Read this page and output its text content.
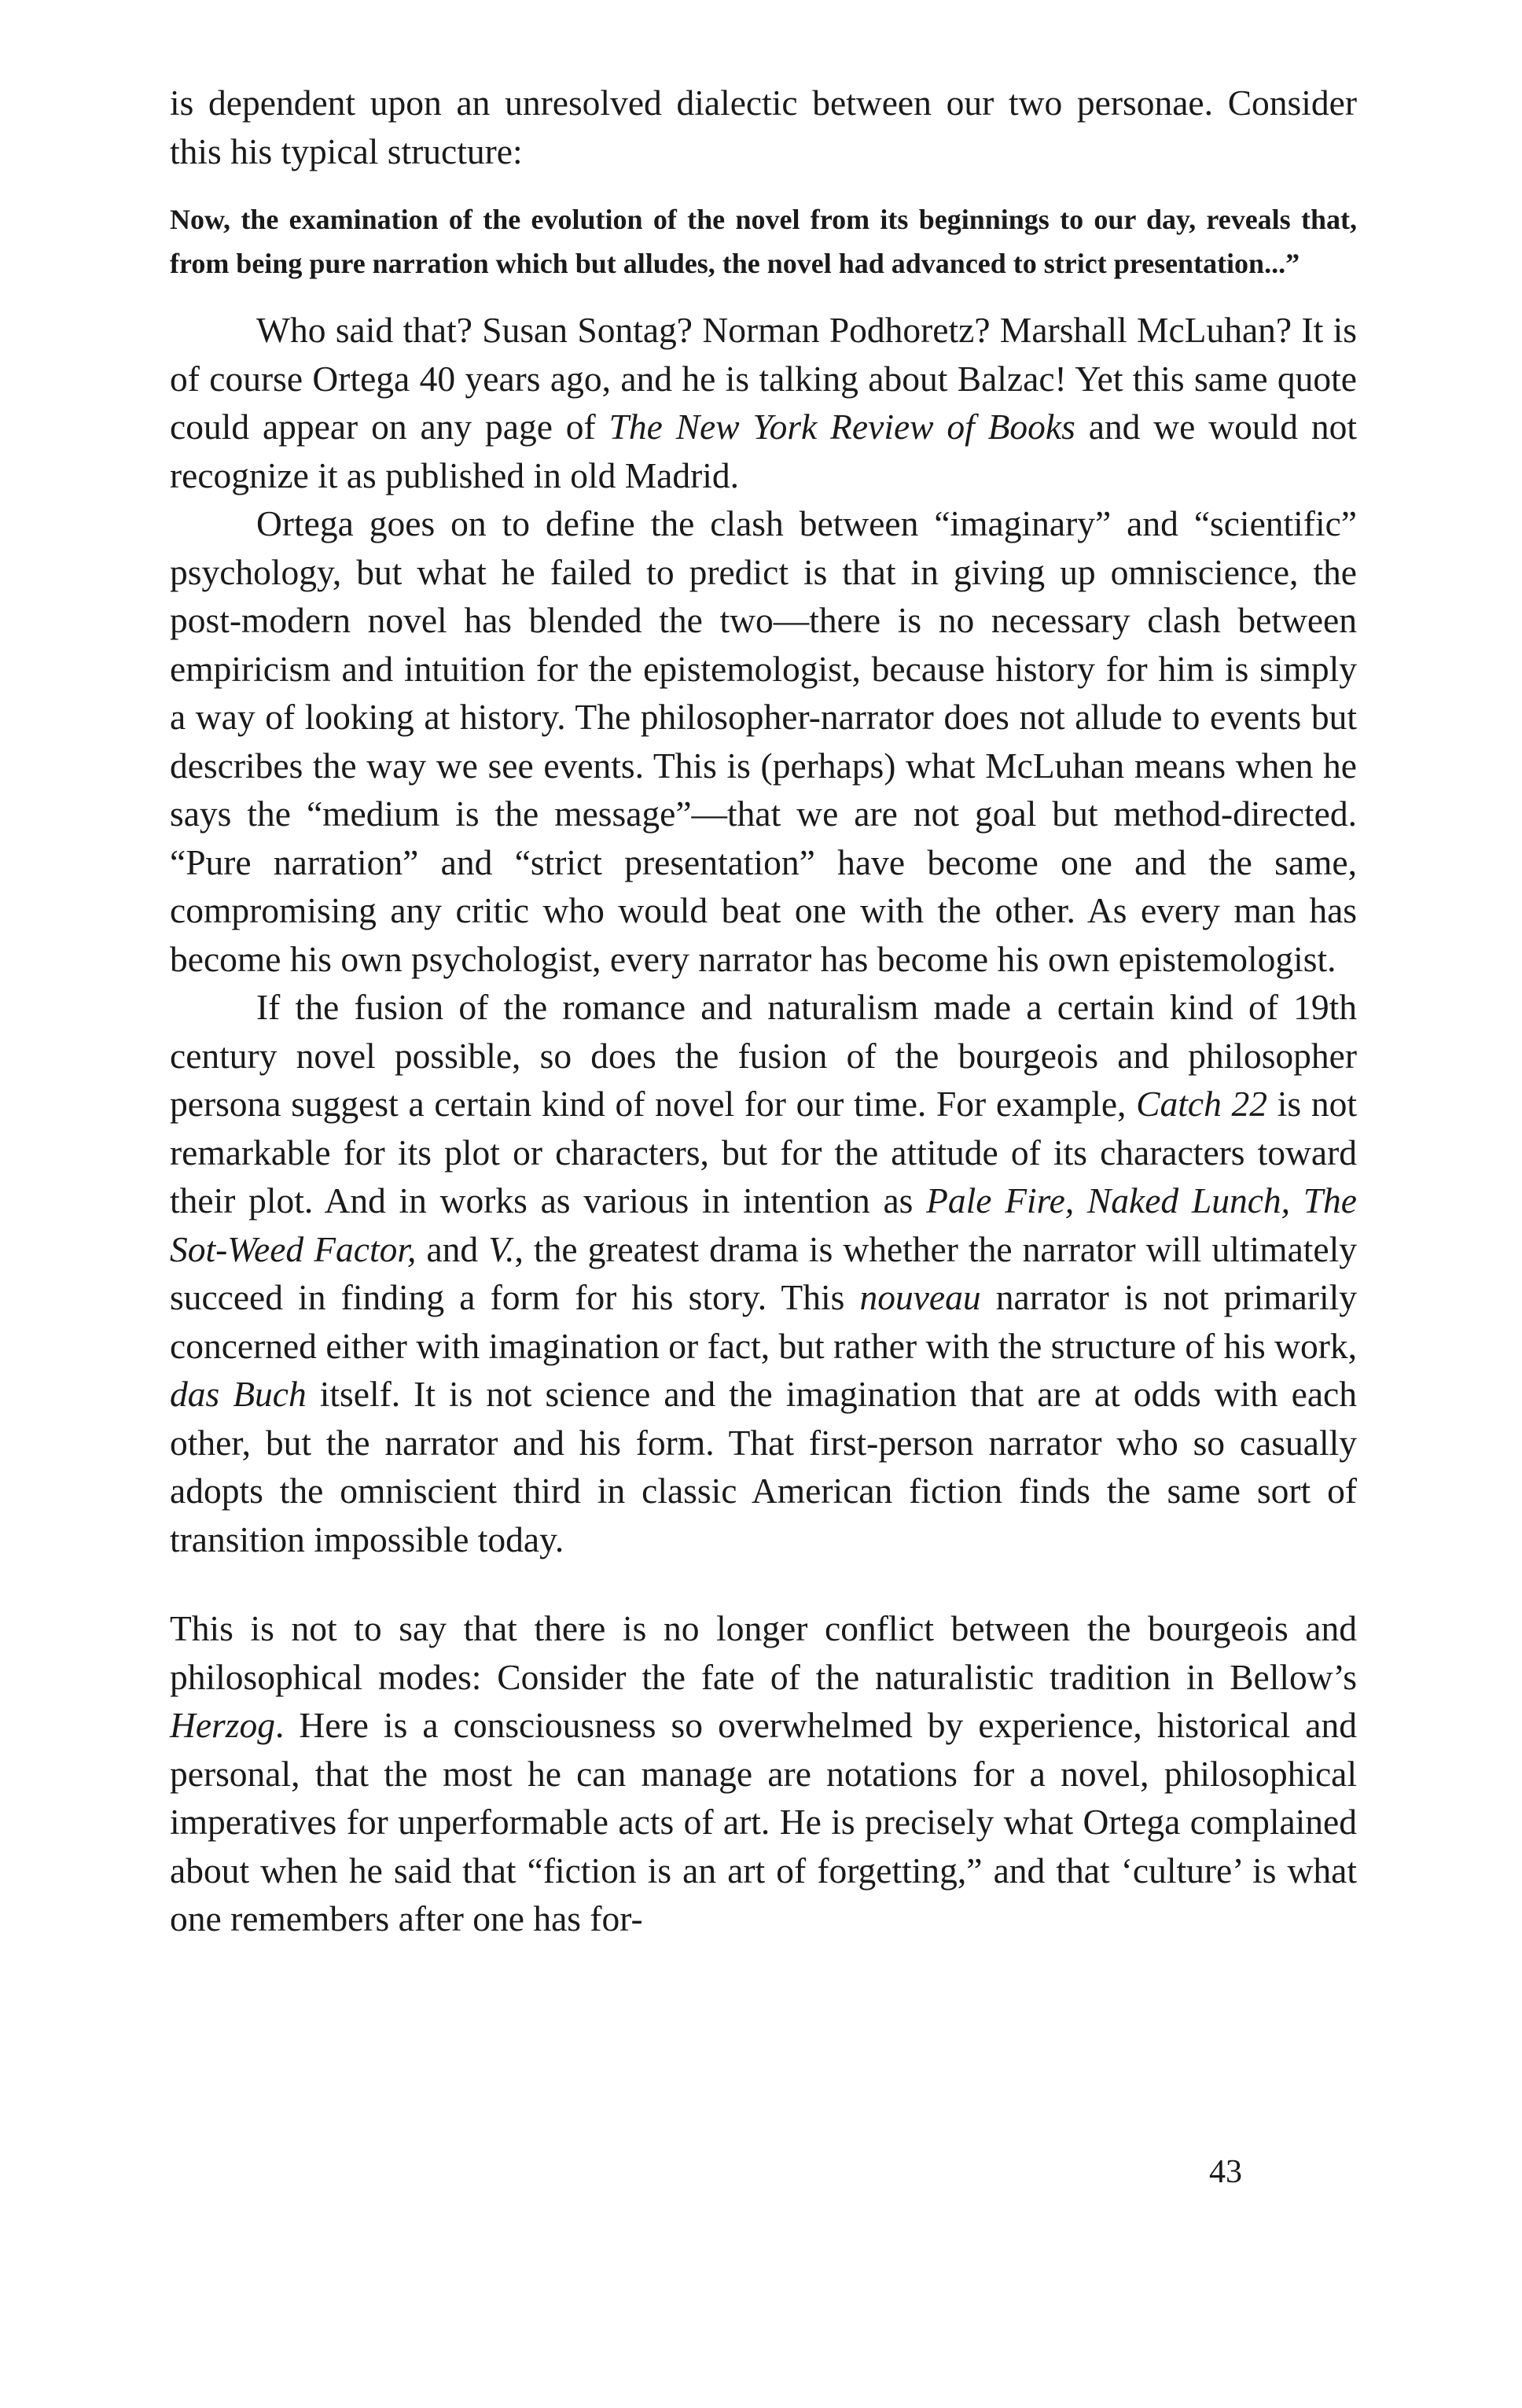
is dependent upon an unresolved dialectic between our two personae. Consider this his typical structure:

Now, the examination of the evolution of the novel from its beginnings to our day, reveals that, from being pure narration which but alludes, the novel had advanced to strict presentation...”

Who said that? Susan Sontag? Norman Podhoretz? Marshall McLuhan? It is of course Ortega 40 years ago, and he is talking about Balzac! Yet this same quote could appear on any page of The New York Review of Books and we would not recognize it as published in old Madrid.

Ortega goes on to define the clash between “imaginary” and “scientific” psychology, but what he failed to predict is that in giving up omniscience, the post-modern novel has blended the two—there is no necessary clash between empiricism and intuition for the epistemologist, because history for him is simply a way of looking at history. The philosopher-narrator does not allude to events but describes the way we see events. This is (perhaps) what McLuhan means when he says the “medium is the message”—that we are not goal but method-directed. “Pure narration” and “strict presentation” have become one and the same, compromising any critic who would beat one with the other. As every man has become his own psychologist, every narrator has become his own epistemologist.

If the fusion of the romance and naturalism made a certain kind of 19th century novel possible, so does the fusion of the bourgeois and philosopher persona suggest a certain kind of novel for our time. For example, Catch 22 is not remarkable for its plot or characters, but for the attitude of its characters toward their plot. And in works as various in intention as Pale Fire, Naked Lunch, The Sot-Weed Factor, and V., the greatest drama is whether the narrator will ultimately succeed in finding a form for his story. This nouveau narrator is not primarily concerned either with imagination or fact, but rather with the structure of his work, das Buch itself. It is not science and the imagination that are at odds with each other, but the narrator and his form. That first-person narrator who so casually adopts the omniscient third in classic American fiction finds the same sort of transition impossible today.

This is not to say that there is no longer conflict between the bourgeois and philosophical modes: Consider the fate of the naturalistic tradition in Bellow’s Herzog. Here is a consciousness so overwhelmed by experience, historical and personal, that the most he can manage are notations for a novel, philosophical imperatives for unperformable acts of art. He is precisely what Ortega complained about when he said that “fiction is an art of forgetting,” and that ‘culture’ is what one remembers after one has for-

43
